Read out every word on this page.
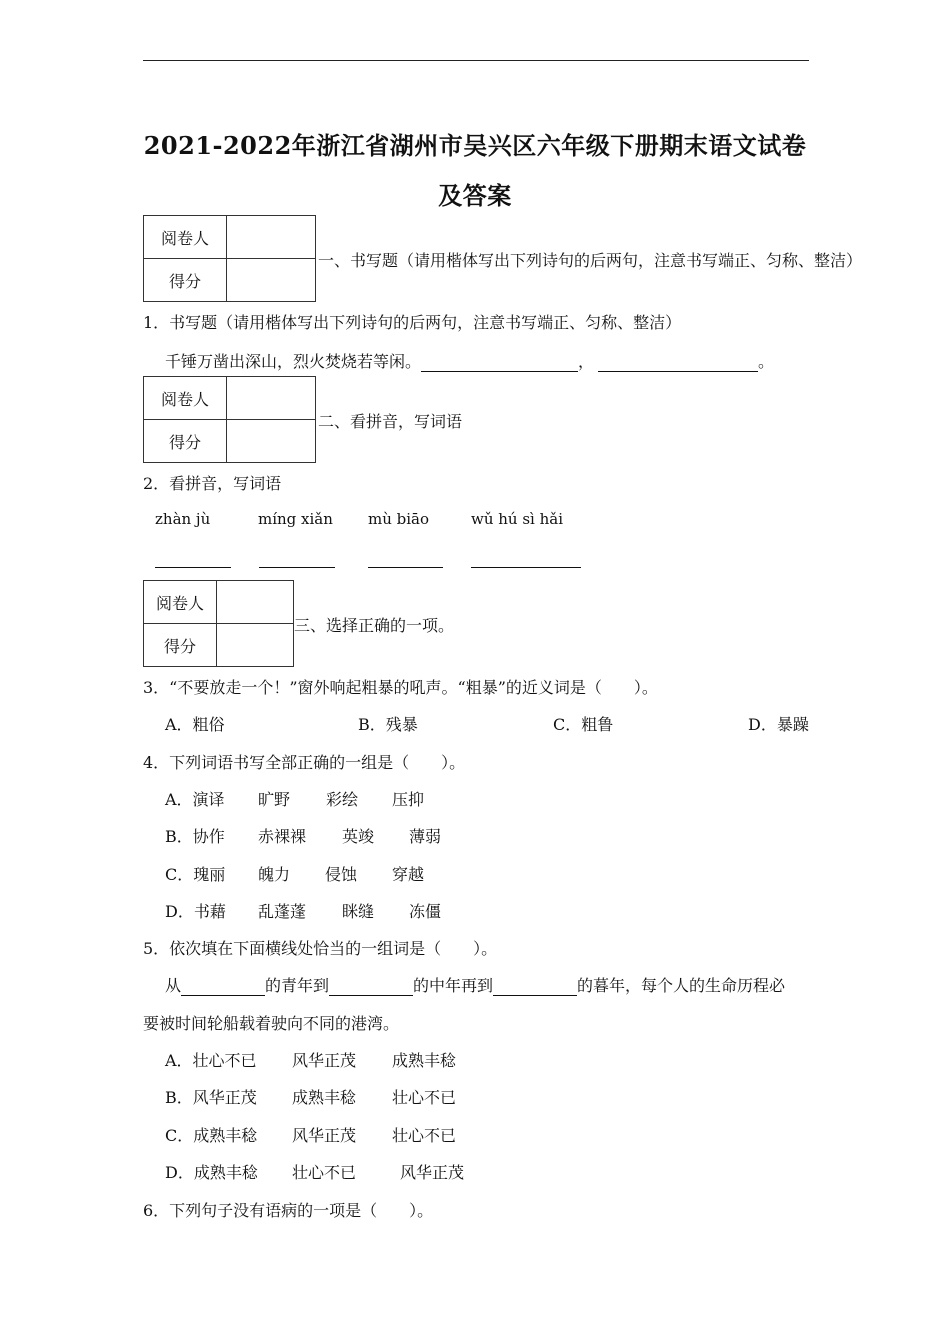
2021-2022年浙江省湖州市吴兴区六年级下册期末语文试卷
及答案
阅卷人	
得分	
一、书写题（请用楷体写出下列诗句的后两句，注意书写端正、匀称、整洁）
1．书写题（请用楷体写出下列诗句的后两句，注意书写端正、匀称、整洁）
千锤万凿出深山，烈火焚烧若等闲。	，	。
阅卷人	
得分	
二、看拼音，写词语
2．看拼音，写词语
zhàn jù	míng xiǎn mù biāo	wǔ hú sì hǎi
阅卷人	
得分	
三、选择正确的一项。
3．“不要放走一个！”窗外响起粗暴的吼声。“粗暴”的近义词是（　　）。
A．粗俗	B．残暴	C．粗鲁	D．暴躁
4．下列词语书写全部正确的一组是（　　）。
A．演译 旷野 彩绘 压抑
B．协作 赤裸裸 英竣 薄弱
C．瑰丽 魄力 侵蚀 穿越
D．书藉 乱蓬蓬 眯缝 冻僵
5．依次填在下面横线处恰当的一组词是（　　）。
从	的青年到	的中年再到	的暮年，每个人的生命历程必
要被时间轮船载着驶向不同的港湾。
A．壮心不已 风华正茂 成熟丰稔
B．风华正茂 成熟丰稔 壮心不已
C．成熟丰稔 风华正茂 壮心不已
D．成熟丰稔 壮心不已	风华正茂
6．下列句子没有语病的一项是（　　）。
